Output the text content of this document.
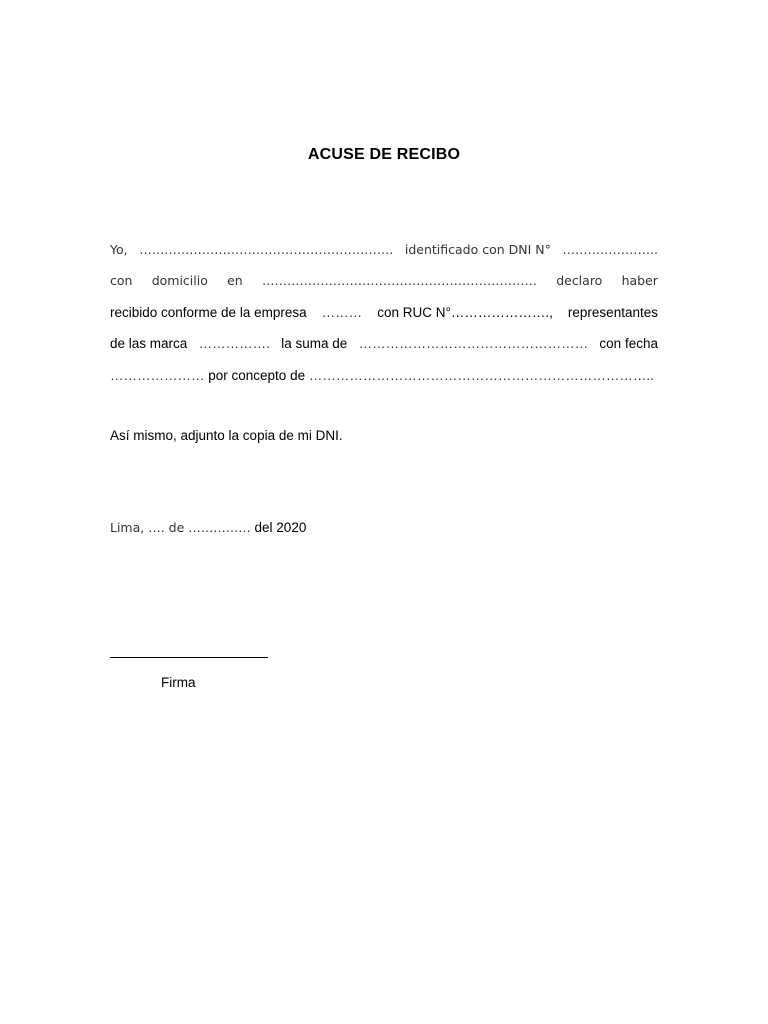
ACUSE DE RECIBO
Yo, ……………………………………………………. identificado con DNI N° …………………..
con domicilio en ………………………………………………………… declaro haber
recibido conforme de la empresa ……… con RUC N°…………………., representantes
de las marca ……………. la suma de …………………………………………… con fecha
………………… por concepto de …………………………………………………………………..
Así mismo, adjunto la copia de mi DNI.
Lima, …. de …………… del 2020
Firma
